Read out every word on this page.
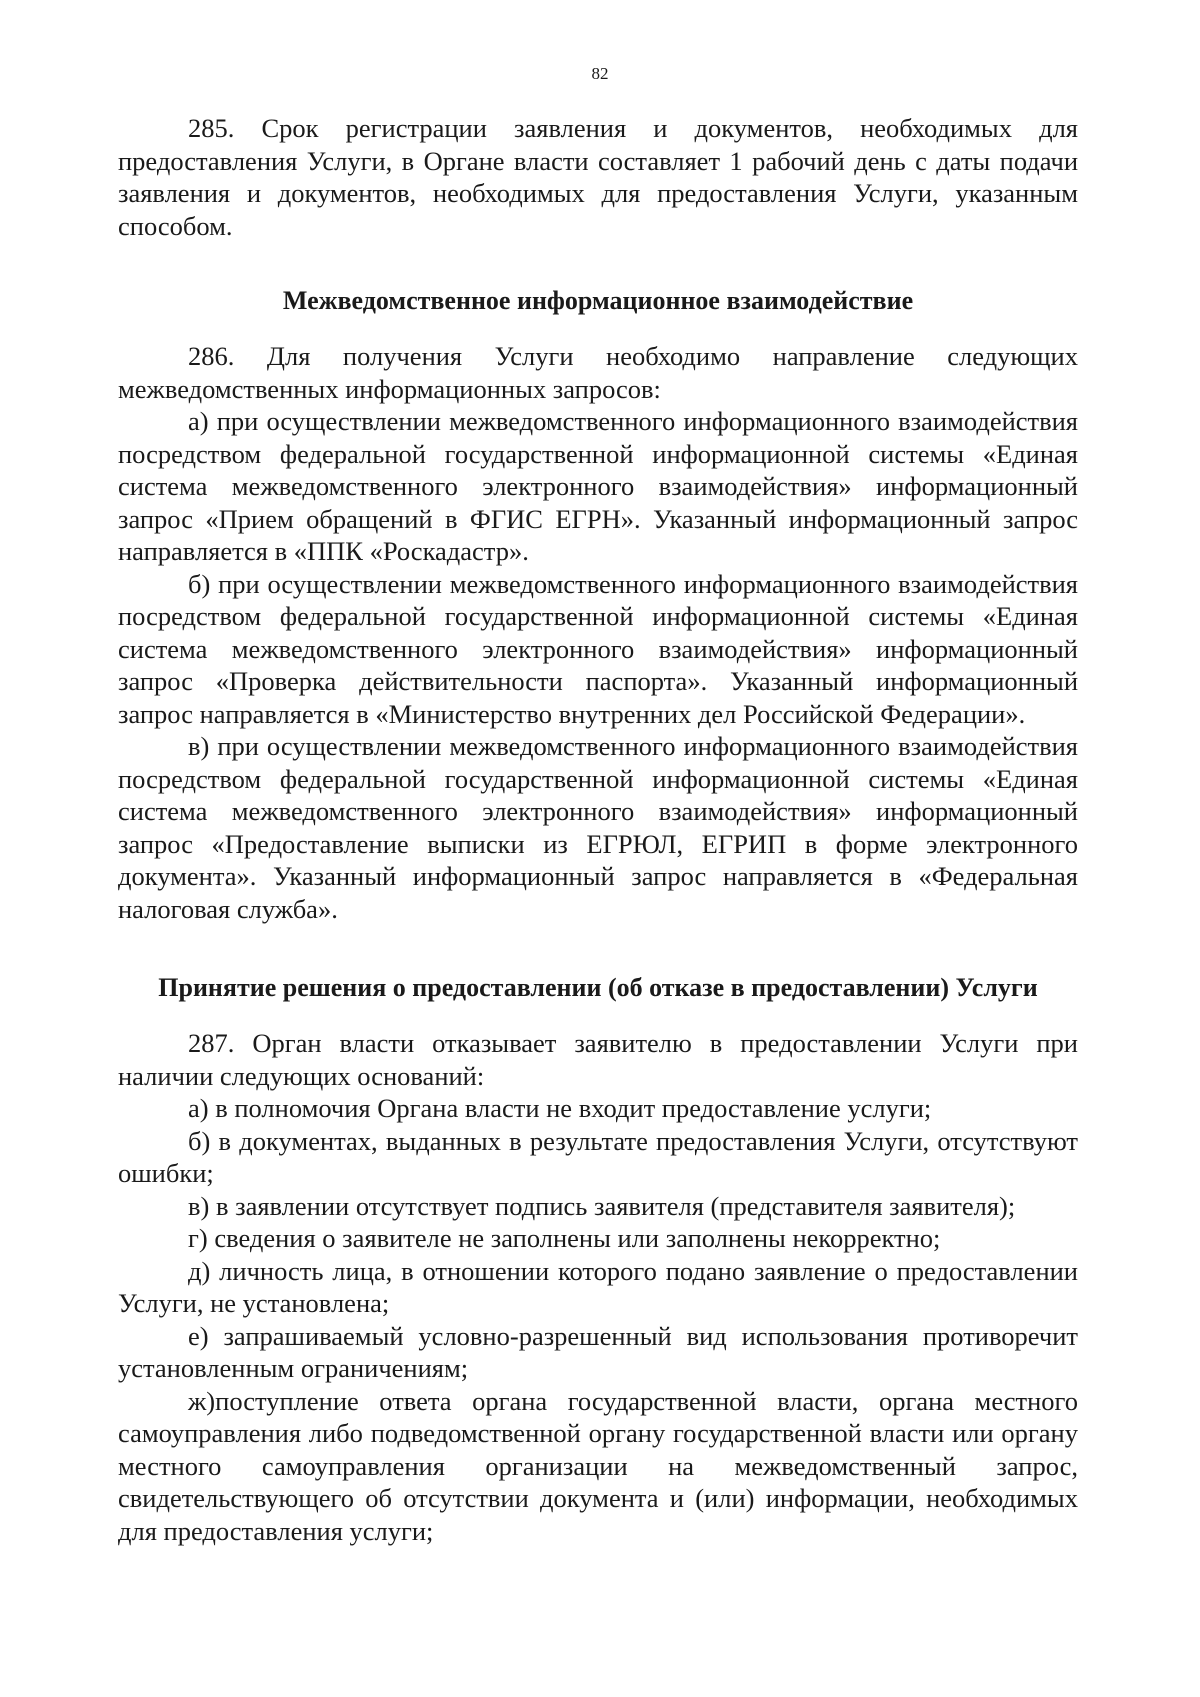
82

285. Срок регистрации заявления и документов, необходимых для предоставления Услуги, в Органе власти составляет 1 рабочий день с даты подачи заявления и документов, необходимых для предоставления Услуги, указанным способом.

Межведомственное информационное взаимодействие

286. Для получения Услуги необходимо направление следующих межведомственных информационных запросов:

а) при осуществлении межведомственного информационного взаимодействия посредством федеральной государственной информационной системы «Единая система межведомственного электронного взаимодействия» информационный запрос «Прием обращений в ФГИС ЕГРН». Указанный информационный запрос направляется в «ППК «Роскадастр».

б) при осуществлении межведомственного информационного взаимодействия посредством федеральной государственной информационной системы «Единая система межведомственного электронного взаимодействия» информационный запрос «Проверка действительности паспорта». Указанный информационный запрос направляется в «Министерство внутренних дел Российской Федерации».

в) при осуществлении межведомственного информационного взаимодействия посредством федеральной государственной информационной системы «Единая система межведомственного электронного взаимодействия» информационный запрос «Предоставление выписки из ЕГРЮЛ, ЕГРИП в форме электронного документа». Указанный информационный запрос направляется в «Федеральная налоговая служба».

Принятие решения о предоставлении (об отказе в предоставлении) Услуги

287. Орган власти отказывает заявителю в предоставлении Услуги при наличии следующих оснований:

а) в полномочия Органа власти не входит предоставление услуги;

б) в документах, выданных в результате предоставления Услуги, отсутствуют ошибки;

в) в заявлении отсутствует подпись заявителя (представителя заявителя);

г) сведения о заявителе не заполнены или заполнены некорректно;

д) личность лица, в отношении которого подано заявление о предоставлении Услуги, не установлена;

е) запрашиваемый условно-разрешенный вид использования противоречит установленным ограничениям;

ж)поступление ответа органа государственной власти, органа местного самоуправления либо подведомственной органу государственной власти или органу местного самоуправления организации на межведомственный запрос, свидетельствующего об отсутствии документа и (или) информации, необходимых для предоставления услуги;
